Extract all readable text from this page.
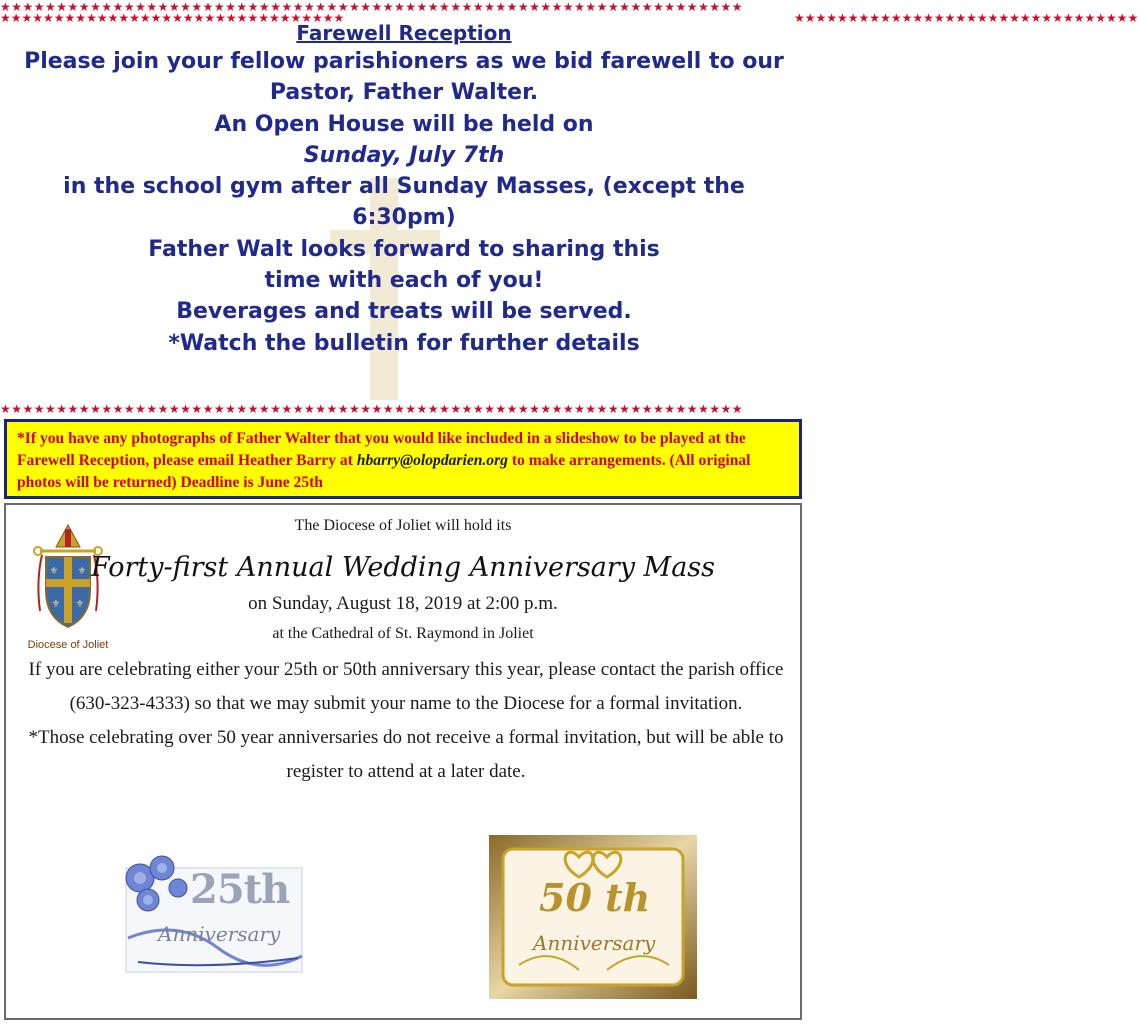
★★★★★★★★★★★★★★★★★★★★★★★★★★★★★★★★★★★★★★★★★★★★★★★★★★★★★★★★★★★★★★★★★★
★★★★★★★★★★★★★★★★★★★★★★★★★★★★★★★★	★★★★★★★★★★★★★★★★★★★★★★★★★★★★★★★★
★★★★★★★★★★★★★★★★★★★★★★★★★★★★★★★★★★★★★★★★★★★★★★★★★★★★★★★★★★★★★★★★★★
Farewell Reception
Please join your fellow parishioners as we bid farewell to our
Pastor, Father Walter.
An Open House will be held on
Sunday, July 7th
in the school gym after all Sunday Masses, (except the
6:30pm)
Father Walt looks forward to sharing this
time with each of you!
Beverages and treats will be served.
*Watch the bulletin for further details
*If you have any photographs of Father Walter that you would like included in a slideshow to be played at the Farewell Reception, please email Heather Barry at hbarry@olopdarien.org to make arrangements. (All original photos will be returned) Deadline is June 25th
⚜ ⚜
⚜ ⚜
Diocese of Joliet
The Diocese of Joliet will hold its
Forty-first Annual Wedding Anniversary Mass
on Sunday, August 18, 2019 at 2:00 p.m.
at the Cathedral of St. Raymond in Joliet

If you are celebrating either your 25th or 50th anniversary this year, please contact the parish office (630-323-4333) so that we may submit your name to the Diocese for a formal invitation.

*Those celebrating over 50 year anniversaries do not receive a formal invitation, but will be able to register to attend at a later date.

25th
Anniversary
50 th
Anniversary
